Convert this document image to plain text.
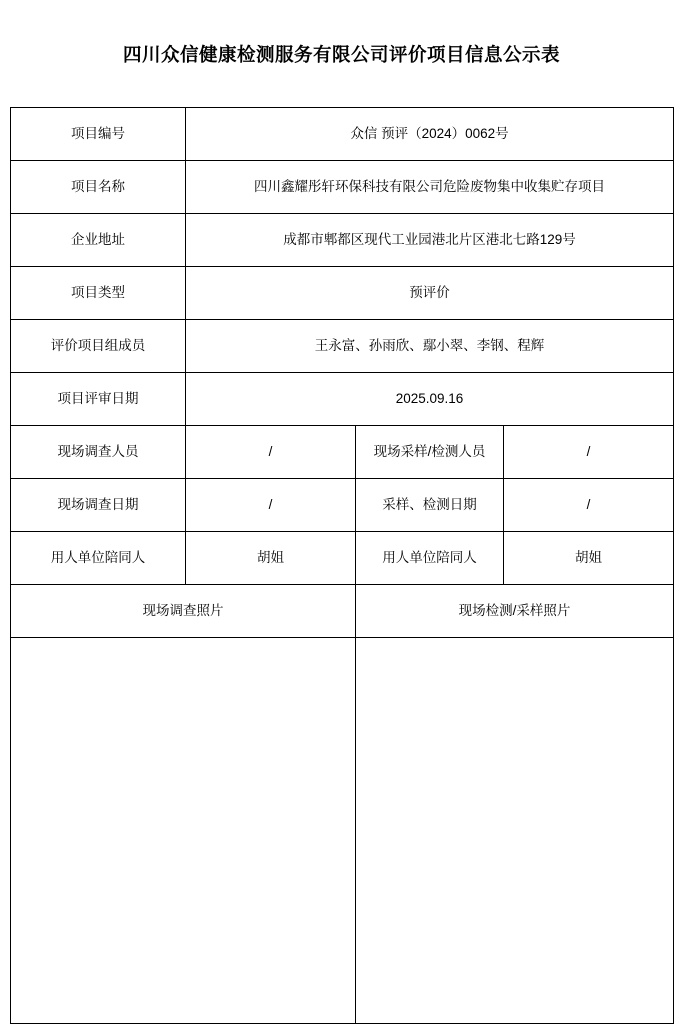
四川众信健康检测服务有限公司评价项目信息公示表
项目编号	众信 预评（2024）0062号		
项目名称	四川鑫耀彤轩环保科技有限公司危险废物集中收集贮存项目		
企业地址	成都市郫都区现代工业园港北片区港北七路129号		
项目类型	预评价		
评价项目组成员	王永富、孙雨欣、鄢小翠、李钢、程辉		
项目评审日期	2025.09.16		
现场调查人员	/	现场采样/检测人员	/
现场调查日期	/	采样、检测日期	/
用人单位陪同人	胡姐	用人单位陪同人	胡姐
现场调查照片		现场检测/采样照片	
